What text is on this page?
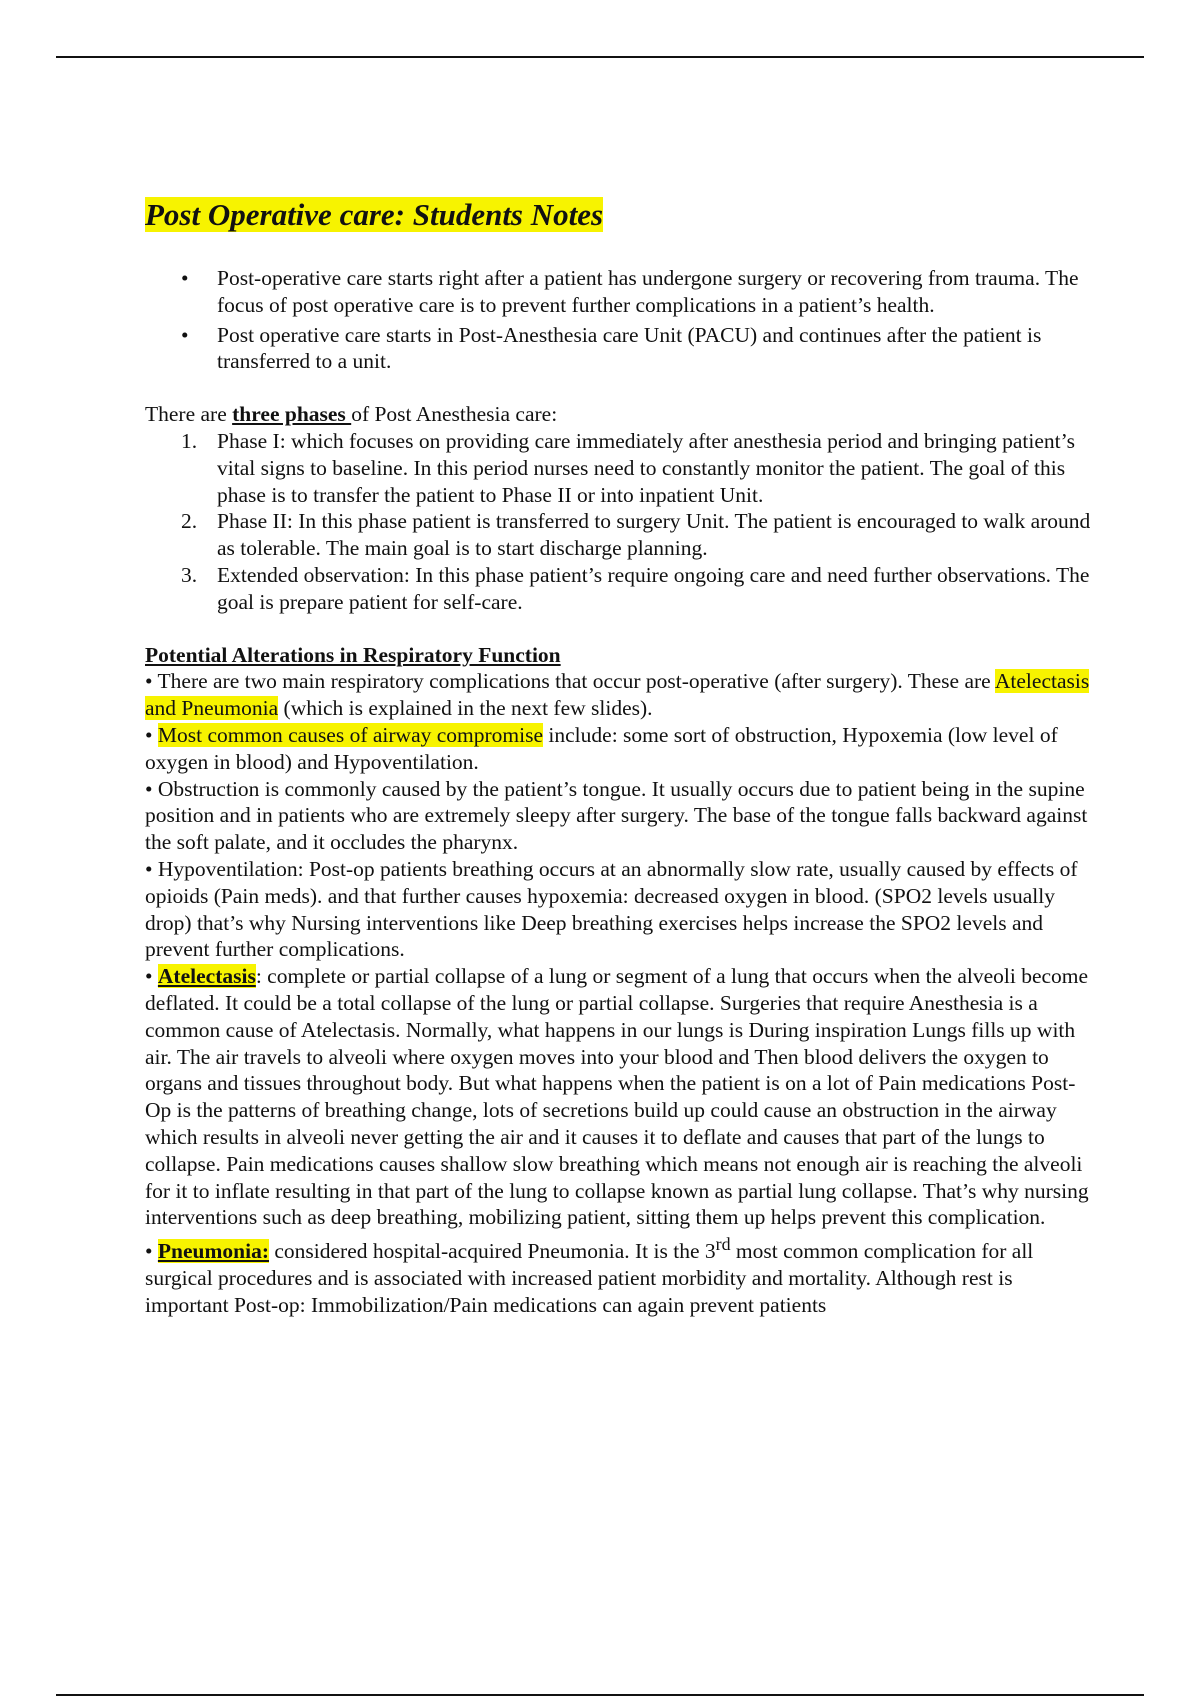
Post Operative care: Students Notes
• Post-operative care starts right after a patient has undergone surgery or recovering from trauma. The focus of post operative care is to prevent further complications in a patient’s health.
• Post operative care starts in Post-Anesthesia care Unit (PACU) and continues after the patient is transferred to a unit.

There are three phases of Post Anesthesia care:

1. Phase I: which focuses on providing care immediately after anesthesia period and bringing patient’s vital signs to baseline. In this period nurses need to constantly monitor the patient. The goal of this phase is to transfer the patient to Phase II or into inpatient Unit.
2. Phase II: In this phase patient is transferred to surgery Unit. The patient is encouraged to walk around as tolerable. The main goal is to start discharge planning.
3. Extended observation: In this phase patient’s require ongoing care and need further observations. The goal is prepare patient for self-care.

Potential Alterations in Respiratory Function

• There are two main respiratory complications that occur post-operative (after surgery). These are Atelectasis and Pneumonia (which is explained in the next few slides).

• Most common causes of airway compromise include: some sort of obstruction, Hypoxemia (low level of oxygen in blood) and Hypoventilation.

• Obstruction is commonly caused by the patient’s tongue. It usually occurs due to patient being in the supine position and in patients who are extremely sleepy after surgery. The base of the tongue falls backward against the soft palate, and it occludes the pharynx.

• Hypoventilation: Post-op patients breathing occurs at an abnormally slow rate, usually caused by effects of opioids (Pain meds). and that further causes hypoxemia: decreased oxygen in blood. (SPO2 levels usually drop) that’s why Nursing interventions like Deep breathing exercises helps increase the SPO2 levels and prevent further complications.

• Atelectasis: complete or partial collapse of a lung or segment of a lung that occurs when the alveoli become deflated. It could be a total collapse of the lung or partial collapse. Surgeries that require Anesthesia is a common cause of Atelectasis. Normally, what happens in our lungs is During inspiration Lungs fills up with air. The air travels to alveoli where oxygen moves into your blood and Then blood delivers the oxygen to organs and tissues throughout body. But what happens when the patient is on a lot of Pain medications Post-Op is the patterns of breathing change, lots of secretions build up could cause an obstruction in the airway which results in alveoli never getting the air and it causes it to deflate and causes that part of the lungs to collapse. Pain medications causes shallow slow breathing which means not enough air is reaching the alveoli for it to inflate resulting in that part of the lung to collapse known as partial lung collapse. That’s why nursing interventions such as deep breathing, mobilizing patient, sitting them up helps prevent this complication.

• Pneumonia: considered hospital-acquired Pneumonia. It is the 3rd most common complication for all surgical procedures and is associated with increased patient morbidity and mortality. Although rest is important Post-op: Immobilization/Pain medications can again prevent patients
